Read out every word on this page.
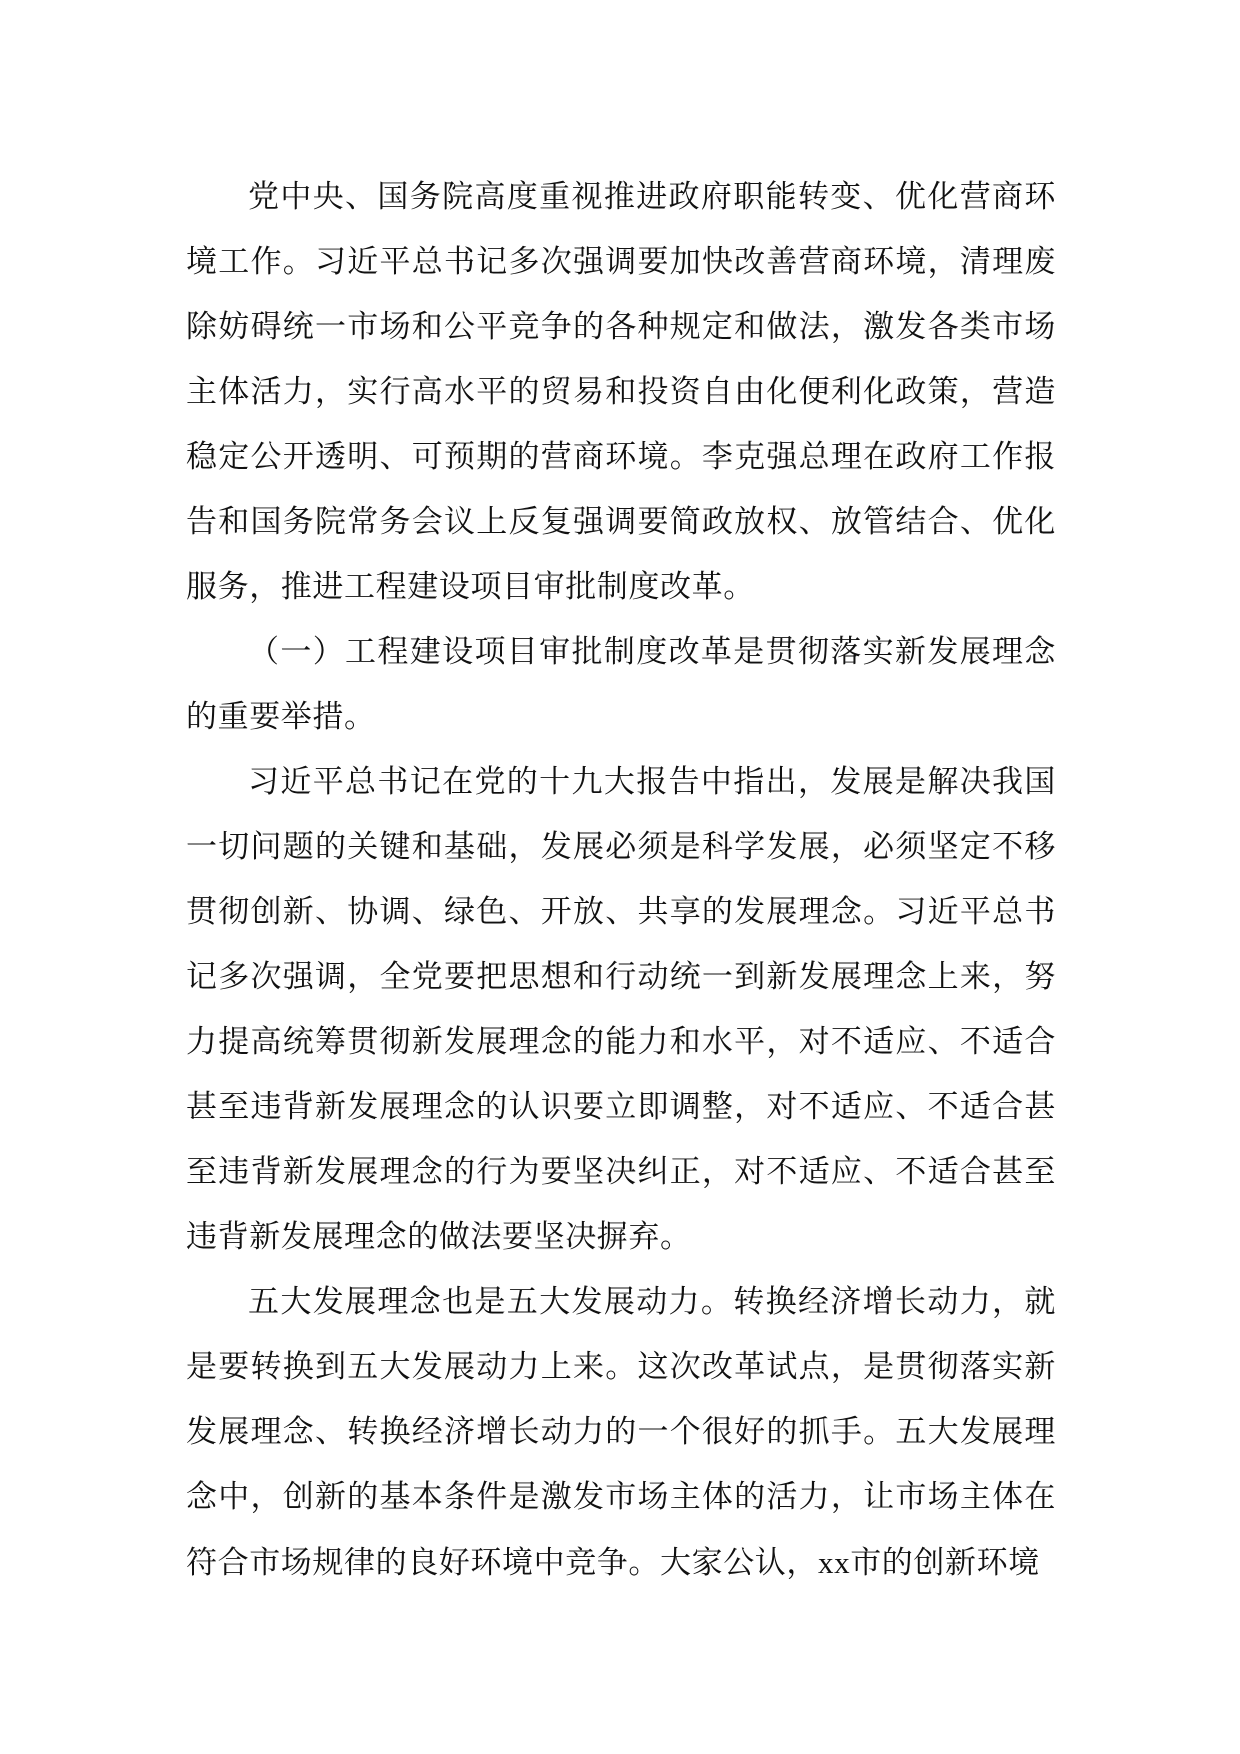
党中央、国务院高度重视推进政府职能转变、优化营商环境工作。习近平总书记多次强调要加快改善营商环境，清理废除妨碍统一市场和公平竞争的各种规定和做法，激发各类市场主体活力，实行高水平的贸易和投资自由化便利化政策，营造稳定公开透明、可预期的营商环境。李克强总理在政府工作报告和国务院常务会议上反复强调要简政放权、放管结合、优化服务，推进工程建设项目审批制度改革。

（一）工程建设项目审批制度改革是贯彻落实新发展理念的重要举措。

习近平总书记在党的十九大报告中指出，发展是解决我国一切问题的关键和基础，发展必须是科学发展，必须坚定不移贯彻创新、协调、绿色、开放、共享的发展理念。习近平总书记多次强调，全党要把思想和行动统一到新发展理念上来，努力提高统筹贯彻新发展理念的能力和水平，对不适应、不适合甚至违背新发展理念的认识要立即调整，对不适应、不适合甚至违背新发展理念的行为要坚决纠正，对不适应、不适合甚至违背新发展理念的做法要坚决摒弃。

五大发展理念也是五大发展动力。转换经济增长动力，就是要转换到五大发展动力上来。这次改革试点，是贯彻落实新发展理念、转换经济增长动力的一个很好的抓手。五大发展理念中，创新的基本条件是激发市场主体的活力，让市场主体在符合市场规律的良好环境中竞争。大家公认，xx市的创新环境
